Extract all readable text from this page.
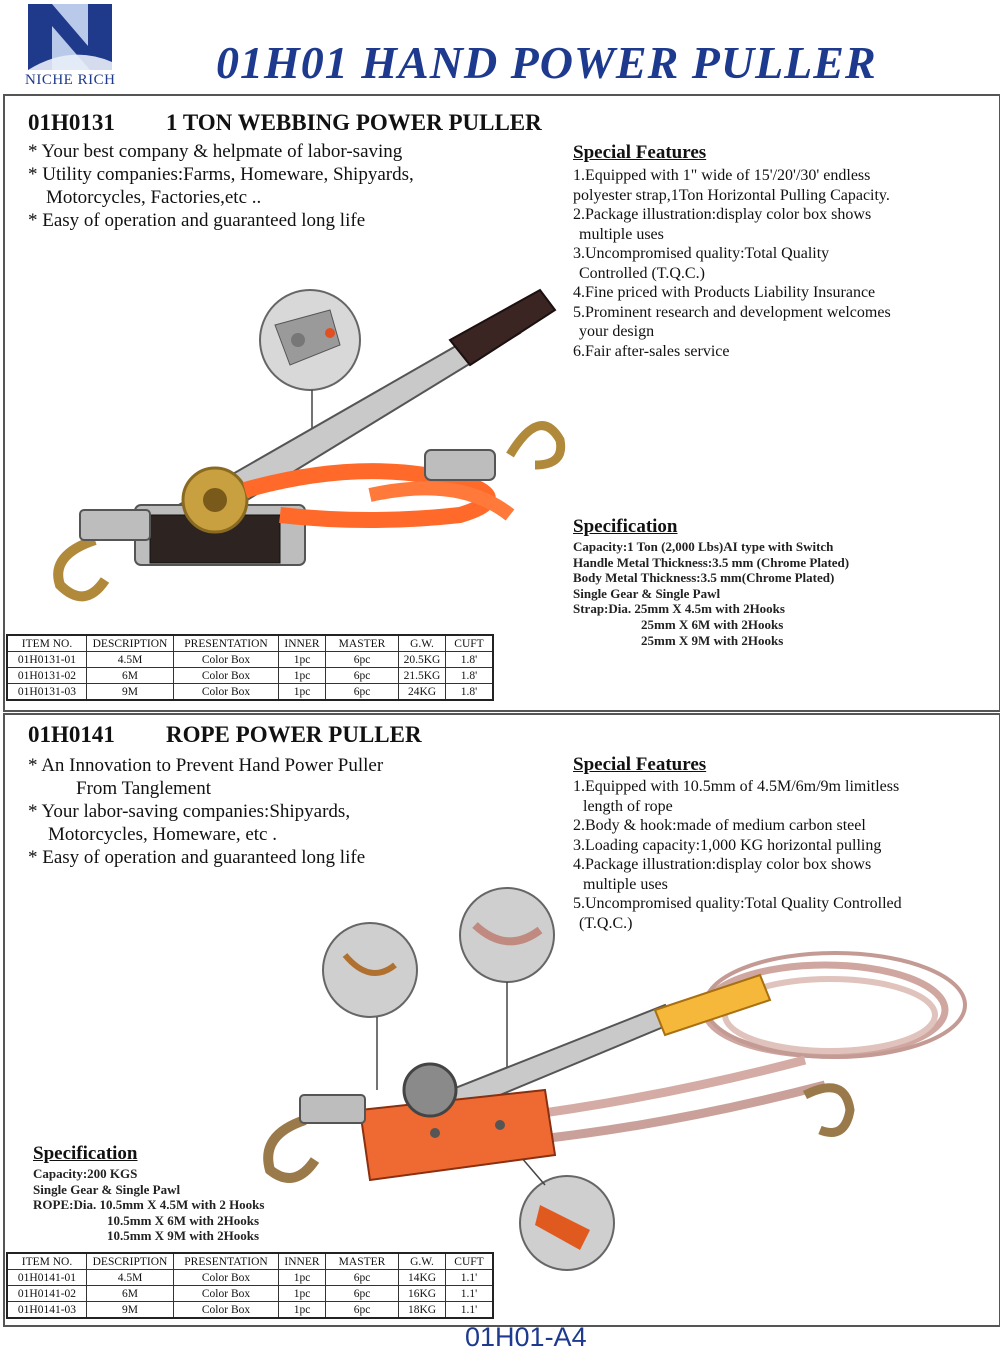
NICHE RICH 01H01 HAND POWER PULLER
01H0131 1 TON WEBBING POWER PULLER
* Your best company & helpmate of labor-saving
* Utility companies:Farms, Homeware, Shipyards,
Motorcycles, Factories,etc ..
* Easy of operation and guaranteed long life
Special Features
1.Equipped with 1" wide of 15'/20'/30' endless
polyester strap,1Ton Horizontal Pulling Capacity.
2.Package illustration:display color box shows
multiple uses
3.Uncompromised quality:Total Quality
Controlled (T.Q.C.)
4.Fine priced with Products Liability Insurance
5.Prominent research and development welcomes
your design
6.Fair after-sales service
Specification
Capacity:1 Ton (2,000 Lbs)AI type with Switch
Handle Metal Thickness:3.5 mm (Chrome Plated)
Body Metal Thickness:3.5 mm(Chrome Plated)
Single Gear & Single Pawl
Strap:Dia. 25mm X 4.5m with 2Hooks
25mm X 6M with 2Hooks
25mm X 9M with 2Hooks
ITEM NO.	DESCRIPTION	PRESENTATION	INNER	MASTER	G.W.	CUFT
01H0131-01	4.5M	Color Box	1pc	6pc	20.5KG	1.8'
01H0131-02	6M	Color Box	1pc	6pc	21.5KG	1.8'
01H0131-03	9M	Color Box	1pc	6pc	24KG	1.8'
01H0141 ROPE POWER PULLER
* An Innovation to Prevent Hand Power Puller
From Tanglement
* Your labor-saving companies:Shipyards,
Motorcycles, Homeware, etc .
* Easy of operation and guaranteed long life
Special Features
1.Equipped with 10.5mm of 4.5M/6m/9m limitless
length of rope
2.Body & hook:made of medium carbon steel
3.Loading capacity:1,000 KG horizontal pulling
4.Package illustration:display color box shows
multiple uses
5.Uncompromised quality:Total Quality Controlled
(T.Q.C.)
Specification
Capacity:200 KGS
Single Gear & Single Pawl
ROPE:Dia. 10.5mm X 4.5M with 2 Hooks
10.5mm X 6M with 2Hooks
10.5mm X 9M with 2Hooks
ITEM NO.	DESCRIPTION	PRESENTATION	INNER	MASTER	G.W.	CUFT
01H0141-01	4.5M	Color Box	1pc	6pc	14KG	1.1'
01H0141-02	6M	Color Box	1pc	6pc	16KG	1.1'
01H0141-03	9M	Color Box	1pc	6pc	18KG	1.1'
01H01-A4
